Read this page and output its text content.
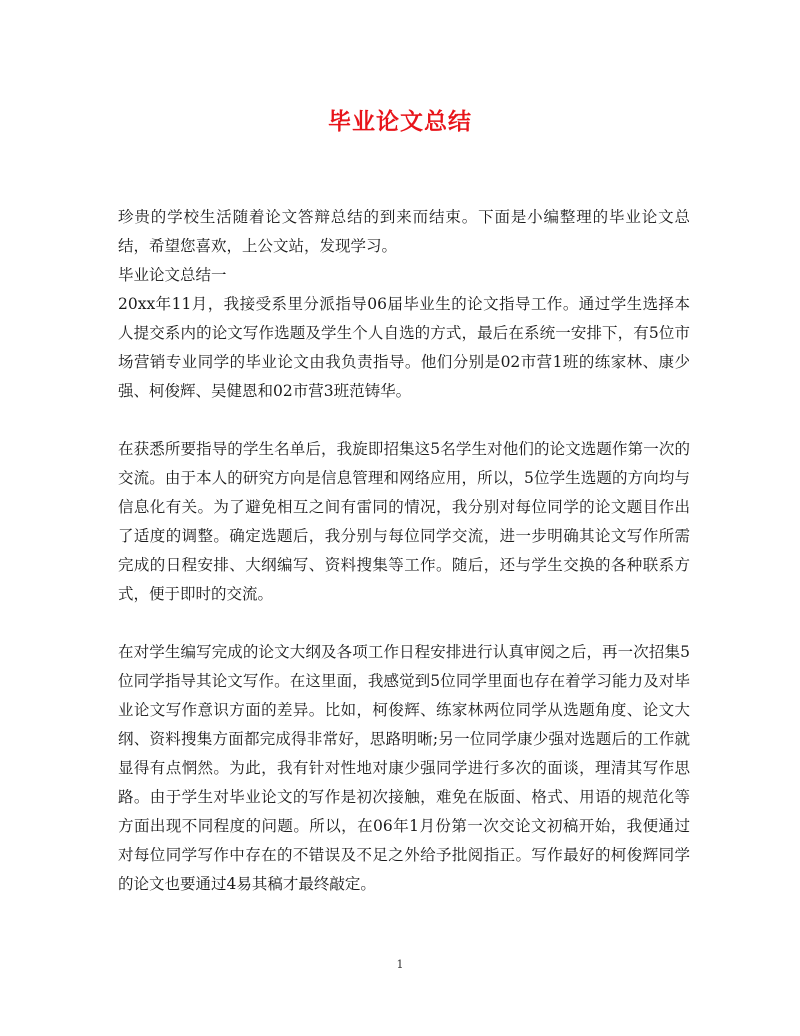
毕业论文总结

珍贵的学校生活随着论文答辩总结的到来而结束。下面是小编整理的毕业论文总结，希望您喜欢，上公文站，发现学习。

毕业论文总结一

20xx年11月，我接受系里分派指导06届毕业生的论文指导工作。通过学生选择本人提交系内的论文写作选题及学生个人自选的方式，最后在系统一安排下，有5位市场营销专业同学的毕业论文由我负责指导。他们分别是02市营1班的练家林、康少强、柯俊辉、吴健恩和02市营3班范铸华。

在获悉所要指导的学生名单后，我旋即招集这5名学生对他们的论文选题作第一次的交流。由于本人的研究方向是信息管理和网络应用，所以，5位学生选题的方向均与信息化有关。为了避免相互之间有雷同的情况，我分别对每位同学的论文题目作出了适度的调整。确定选题后，我分别与每位同学交流，进一步明确其论文写作所需完成的日程安排、大纲编写、资料搜集等工作。随后，还与学生交换的各种联系方式，便于即时的交流。

在对学生编写完成的论文大纲及各项工作日程安排进行认真审阅之后，再一次招集5位同学指导其论文写作。在这里面，我感觉到5位同学里面也存在着学习能力及对毕业论文写作意识方面的差异。比如，柯俊辉、练家林两位同学从选题角度、论文大纲、资料搜集方面都完成得非常好，思路明晰;另一位同学康少强对选题后的工作就显得有点惘然。为此，我有针对性地对康少强同学进行多次的面谈，理清其写作思路。由于学生对毕业论文的写作是初次接触，难免在版面、格式、用语的规范化等方面出现不同程度的问题。所以，在06年1月份第一次交论文初稿开始，我便通过对每位同学写作中存在的不错误及不足之外给予批阅指正。写作最好的柯俊辉同学的论文也要通过4易其稿才最终敲定。

1
